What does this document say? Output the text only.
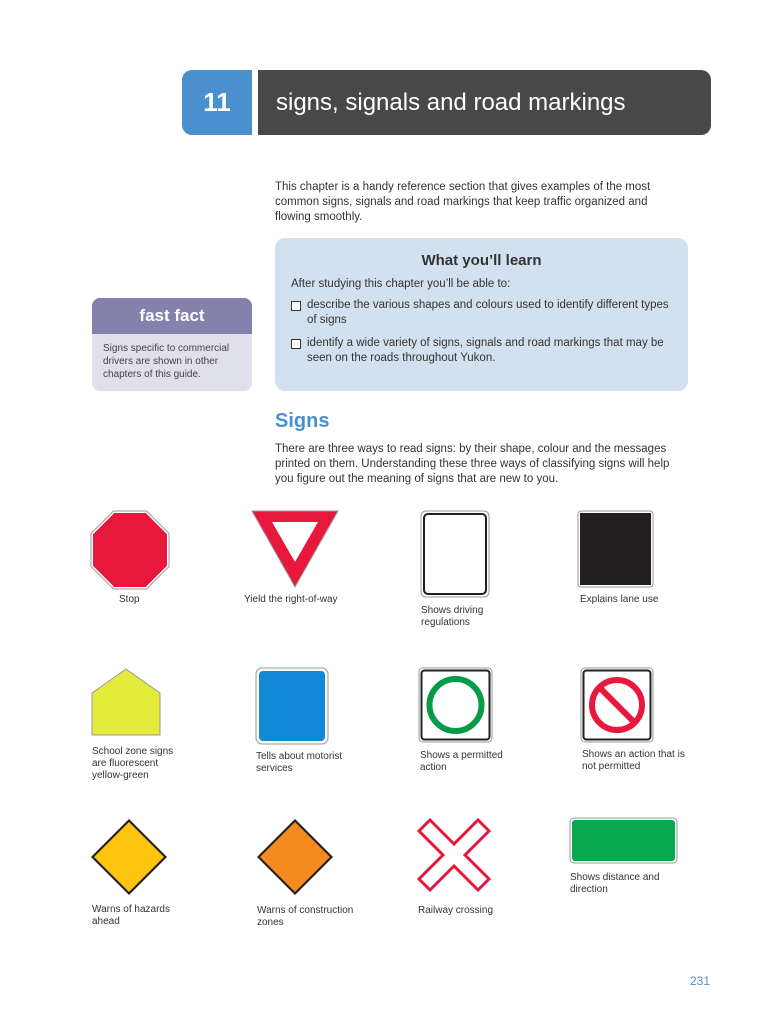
11	signs, signals and road markings
This chapter is a handy reference section that gives examples of the most common signs, signals and road markings that keep traffic organized and flowing smoothly.
What you’ll learn
After studying this chapter you’ll be able to:
describe the various shapes and colours used to identify different types of signs
identify a wide variety of signs, signals and road markings that may be seen on the roads throughout Yukon.
fast fact
Signs specific to commercial drivers are shown in other chapters of this guide.
Signs
There are three ways to read signs: by their shape, colour and the messages printed on them. Understanding these three ways of classifying signs will help you figure out the meaning of signs that are new to you.
Stop	Yield the right-of-way
Shows driving regulations
Explains lane use
School zone signs are fluorescent yellow-green
Tells about motorist services
Shows a permitted action
Shows an action that is not permitted
Warns of hazards ahead
Warns of construction zones
Railway crossing
Shows distance and direction
231
